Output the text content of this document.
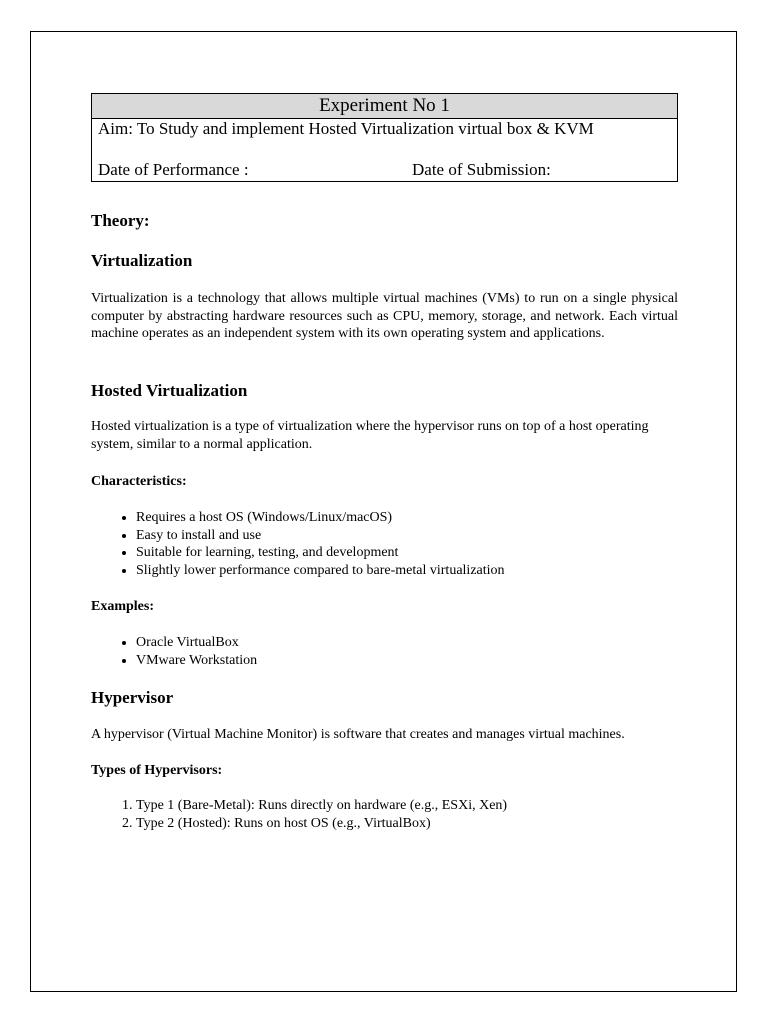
Experiment No 1
Aim: To Study and implement Hosted Virtualization virtual box & KVM
Date of Performance :	Date of Submission:
Theory:
Virtualization

Virtualization is a technology that allows multiple virtual machines (VMs) to run on a single physical computer by abstracting hardware resources such as CPU, memory, storage, and network. Each virtual machine operates as an independent system with its own operating system and applications.

Hosted Virtualization

Hosted virtualization is a type of virtualization where the hypervisor runs on top of a host operating system, similar to a normal application.

Characteristics:
• Requires a host OS (Windows/Linux/macOS)
• Easy to install and use
• Suitable for learning, testing, and development
• Slightly lower performance compared to bare-metal virtualization
Examples:
• Oracle VirtualBox
• VMware Workstation
Hypervisor

A hypervisor (Virtual Machine Monitor) is software that creates and manages virtual machines.

Types of Hypervisors:
1. Type 1 (Bare-Metal): Runs directly on hardware (e.g., ESXi, Xen)
2. Type 2 (Hosted): Runs on host OS (e.g., VirtualBox)
